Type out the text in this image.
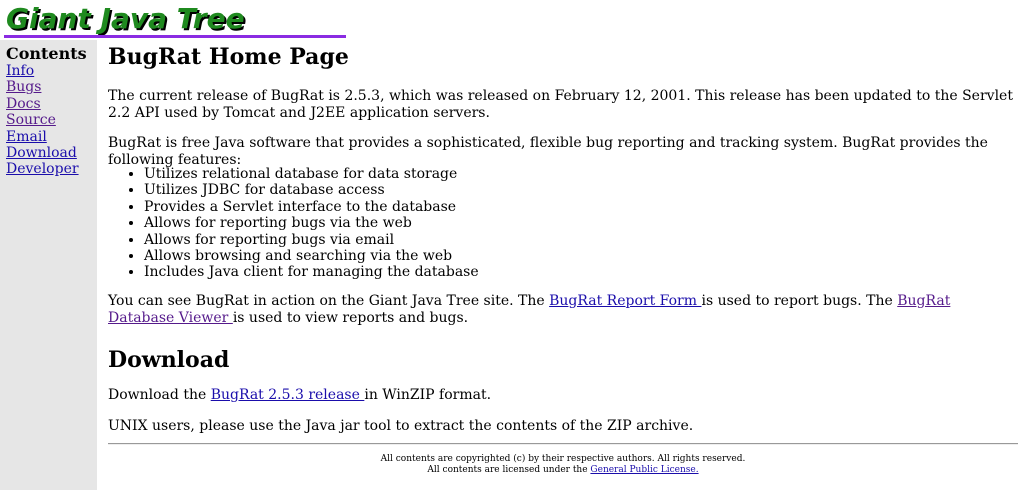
Giant Java Tree
Contents
Info
Bugs
Docs
Source
Email
Download
Developer
BugRat Home Page

The current release of BugRat is 2.5.3, which was released on February 12, 2001. This release has been updated to the Servlet 2.2 API used by Tomcat and J2EE application servers.

BugRat is free Java software that provides a sophisticated, flexible bug reporting and tracking system. BugRat provides the following features:

• Utilizes relational database for data storage
• Utilizes JDBC for database access
• Provides a Servlet interface to the database
• Allows for reporting bugs via the web
• Allows for reporting bugs via email
• Allows browsing and searching via the web
• Includes Java client for managing the database

You can see BugRat in action on the Giant Java Tree site. The BugRat Report Form is used to report bugs. The BugRat Database Viewer is used to view reports and bugs.

Download

Download the BugRat 2.5.3 release in WinZIP format.

UNIX users, please use the Java jar tool to extract the contents of the ZIP archive.

All contents are copyrighted (c) by their respective authors. All rights reserved.
All contents are licensed under the General Public License.
